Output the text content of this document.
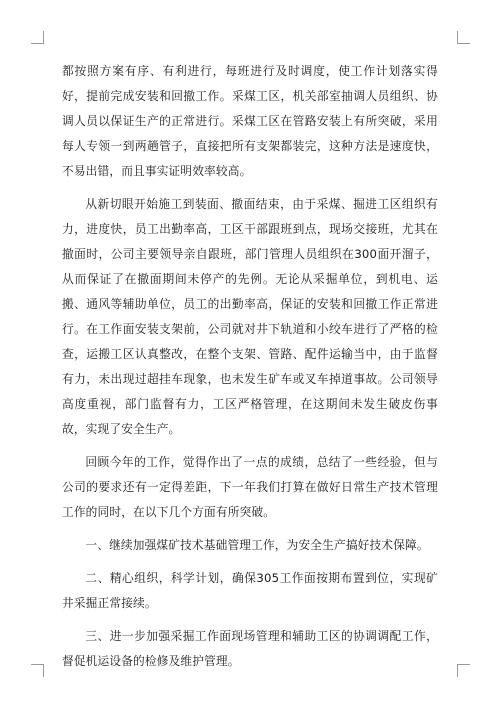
都按照方案有序、有利进行，每班进行及时调度，使工作计划落实得好，提前完成安装和回撤工作。采煤工区，机关部室抽调人员组织、协调人员以保证生产的正常进行。采煤工区在管路安装上有所突破，采用每人专领一到两趟管子，直接把所有支架都装完，这种方法是速度快，不易出错，而且事实证明效率较高。

从新切眼开始施工到装面、撤面结束，由于采煤、掘进工区组织有力，进度快，员工出勤率高，工区干部跟班到点，现场交接班，尤其在撤面时，公司主要领导亲自跟班，部门管理人员组织在300面开溜子，从而保证了在撤面期间未停产的先例。无论从采掘单位，到机电、运搬、通风等辅助单位，员工的出勤率高，保证的安装和回撤工作正常进行。在工作面安装支架前，公司就对井下轨道和小绞车进行了严格的检查，运搬工区认真整改，在整个支架、管路、配件运输当中，由于监督有力，未出现过超挂车现象，也未发生矿车或叉车掉道事故。公司领导高度重视，部门监督有力，工区严格管理，在这期间未发生破皮伤事故，实现了安全生产。

回顾今年的工作，觉得作出了一点的成绩，总结了一些经验，但与公司的要求还有一定得差距，下一年我们打算在做好日常生产技术管理工作的同时，在以下几个方面有所突破。

一、继续加强煤矿技术基础管理工作，为安全生产搞好技术保障。

二、精心组织，科学计划，确保305工作面按期布置到位，实现矿井采掘正常接续。

三、进一步加强采掘工作面现场管理和辅助工区的协调调配工作，督促机运设备的检修及维护管理。
